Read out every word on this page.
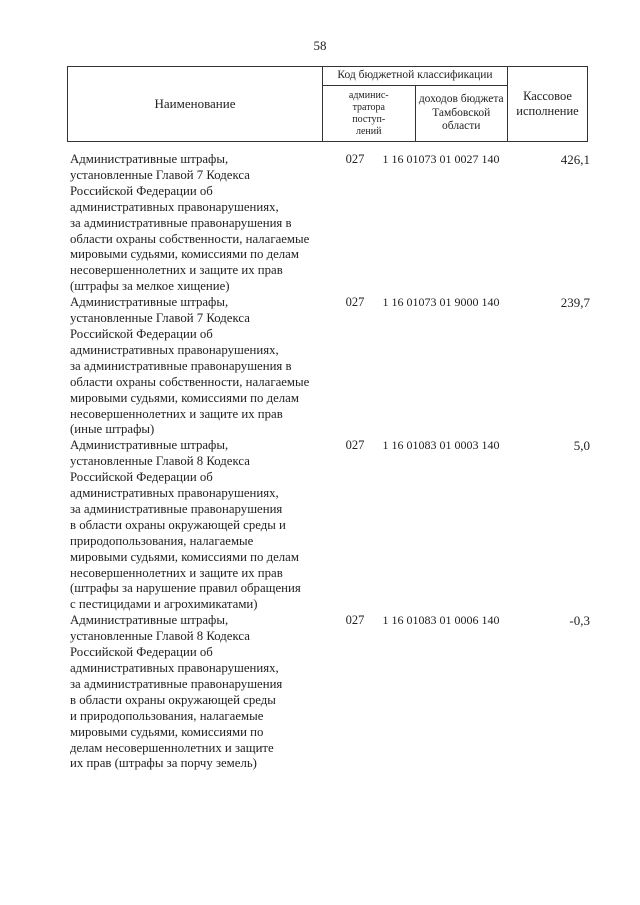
58
Наименование	Код бюджетной классификации		Кассовое
исполнение
	админис-
тратора
поступ-
лений	доходов бюджета
Тамбовской области	
Административные штрафы,
установленные Главой 7 Кодекса
Российской Федерации об
административных правонарушениях,
за административные правонарушения в
области охраны собственности, налагаемые
мировыми судьями, комиссиями по делам
несовершеннолетних и защите их прав
(штрафы за мелкое хищение)
027	1 16 01073 01 0027 140	426,1
Административные штрафы,
установленные Главой 7 Кодекса
Российской Федерации об
административных правонарушениях,
за административные правонарушения в
области охраны собственности, налагаемые
мировыми судьями, комиссиями по делам
несовершеннолетних и защите их прав
(иные штрафы)
027	1 16 01073 01 9000 140	239,7
Административные штрафы,
установленные Главой 8 Кодекса
Российской Федерации об
административных правонарушениях,
за административные правонарушения
в области охраны окружающей среды и
природопользования, налагаемые
мировыми судьями, комиссиями по делам
несовершеннолетних и защите их прав
(штрафы за нарушение правил обращения
с пестицидами и агрохимикатами)
027	1 16 01083 01 0003 140	5,0
Административные штрафы,
установленные Главой 8 Кодекса
Российской Федерации об
административных правонарушениях,
за административные правонарушения
в области охраны окружающей среды
и природопользования, налагаемые
мировыми судьями, комиссиями по
делам несовершеннолетних и защите
их прав (штрафы за порчу земель)
027	1 16 01083 01 0006 140	-0,3
